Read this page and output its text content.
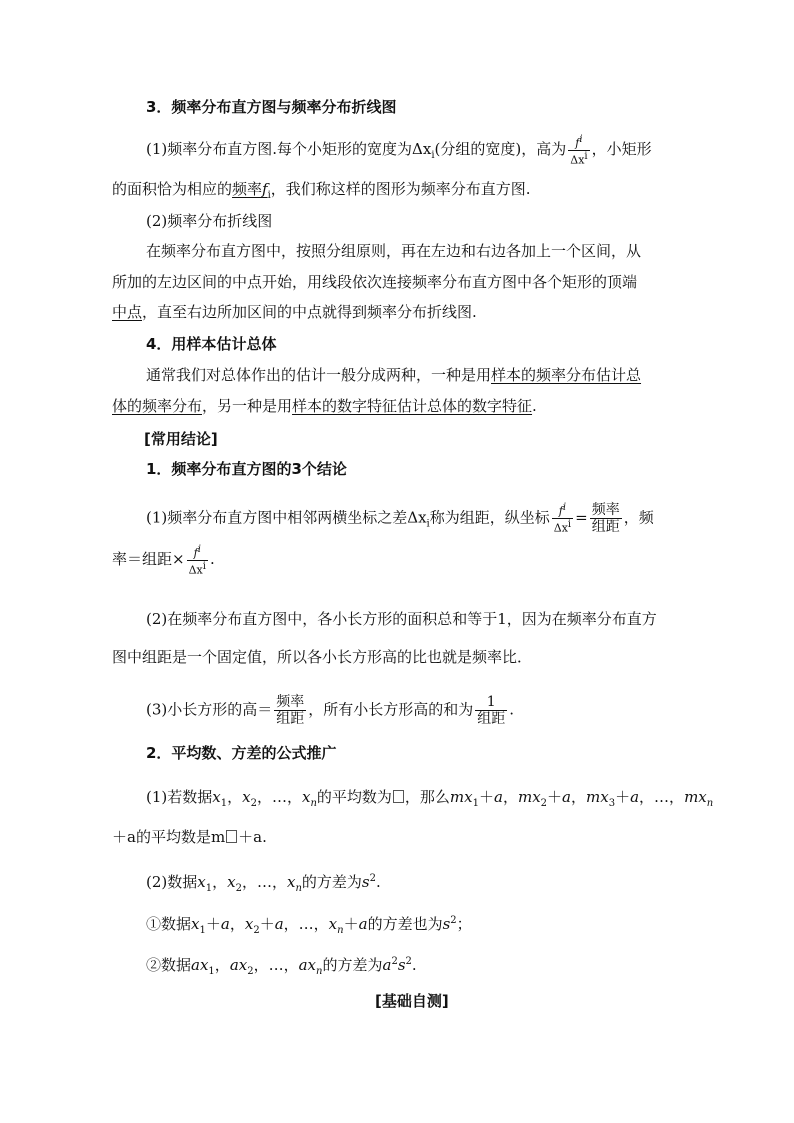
3．频率分布直方图与频率分布折线图
(1)频率分布直方图.每个小矩形的宽度为$\Delta x_i$(分组的宽度)，高为 $\frac{f^i}{\Delta x^i}$ ，小矩形
的面积恰为相应的频率$f_i$，我们称这样的图形为频率分布直方图.
(2)频率分布折线图
在频率分布直方图中，按照分组原则，再在左边和右边各加上一个区间，从
所加的左边区间的中点开始，用线段依次连接频率分布直方图中各个矩形的顶端
中点，直至右边所加区间的中点就得到频率分布折线图.
4．用样本估计总体
通常我们对总体作出的估计一般分成两种，一种是用样本的频率分布估计总
体的频率分布，另一种是用样本的数字特征估计总体的数字特征.
[常用结论]
1．频率分布直方图的3个结论
(1)频率分布直方图中相邻两横坐标之差$\Delta x_i$称为组距，纵坐标 $\frac{f^i}{\Delta x^i} = \frac{\text{频率}}{\text{组距}}$ ，频
率＝组距× $\frac{f^i}{\Delta x^i}$ .
(2)在频率分布直方图中，各小长方形的面积总和等于1，因为在频率分布直方
图中组距是一个固定值，所以各小长方形高的比也就是频率比．
(3)小长方形的高＝ $\frac{\text{频率}}{\text{组距}}$ ，所有小长方形高的和为 $\frac{1}{\text{组距}}$ .
2．平均数、方差的公式推广
(1)若数据$x_1$，$x_2$，…，$x_n$的平均数为 ，那么$mx_1+a$，$mx_2+a$，$mx_3+a$，…，$mx_n$
＋a的平均数是m ＋a.
(2)数据$x_1$，$x_2$，…，$x_n$的方差为$s^2$.
①数据$x_1+a$，$x_2+a$，…，$x_n+a$的方差也为$s^2$；
②数据$ax_1$，$ax_2$，…，$ax_n$的方差为$a^2s^2$.
[基础自测]
